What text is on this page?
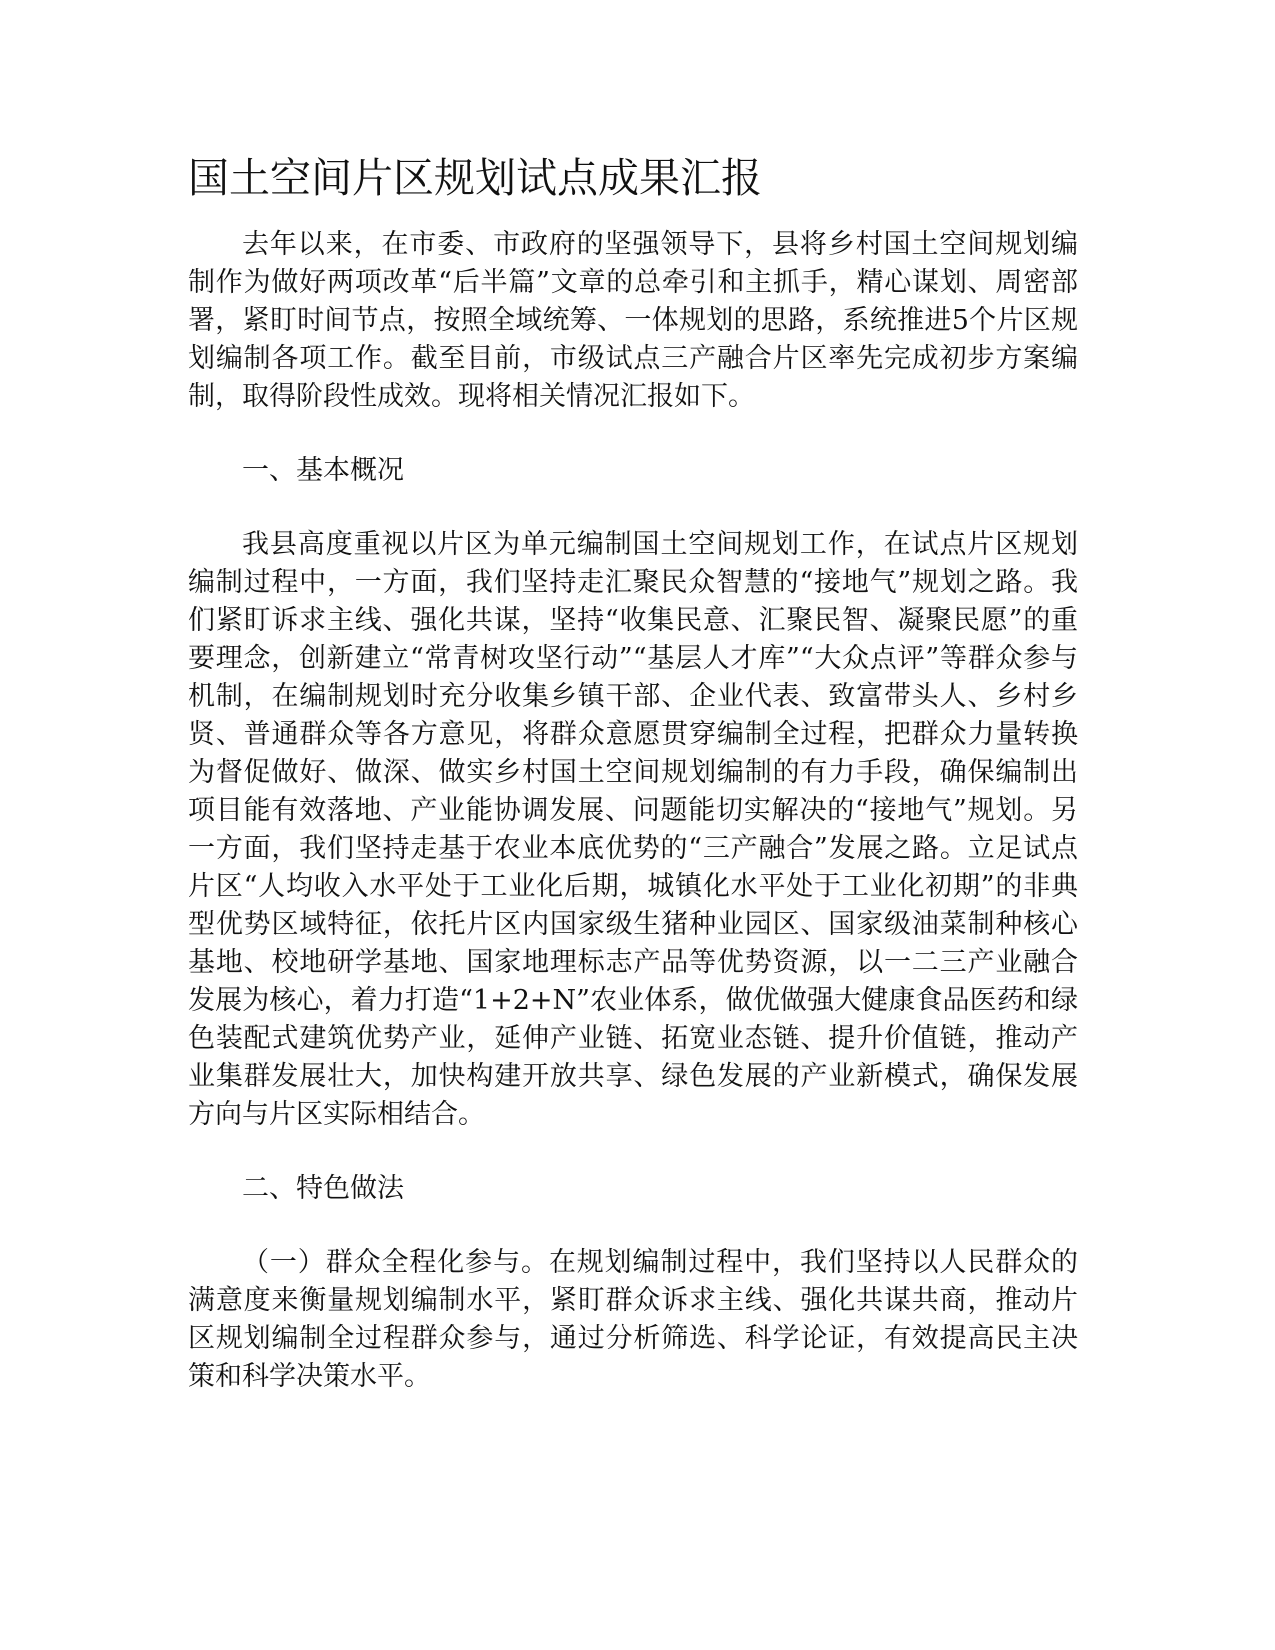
国土空间片区规划试点成果汇报

去年以来，在市委、市政府的坚强领导下，县将乡村国土空间规划编制作为做好两项改革“后半篇”文章的总牵引和主抓手，精心谋划、周密部署，紧盯时间节点，按照全域统筹、一体规划的思路，系统推进5个片区规划编制各项工作。截至目前，市级试点三产融合片区率先完成初步方案编制，取得阶段性成效。现将相关情况汇报如下。

一、基本概况

我县高度重视以片区为单元编制国土空间规划工作，在试点片区规划编制过程中，一方面，我们坚持走汇聚民众智慧的“接地气”规划之路。我们紧盯诉求主线、强化共谋，坚持“收集民意、汇聚民智、凝聚民愿”的重要理念，创新建立“常青树攻坚行动”“基层人才库”“大众点评”等群众参与机制，在编制规划时充分收集乡镇干部、企业代表、致富带头人、乡村乡贤、普通群众等各方意见，将群众意愿贯穿编制全过程，把群众力量转换为督促做好、做深、做实乡村国土空间规划编制的有力手段，确保编制出项目能有效落地、产业能协调发展、问题能切实解决的“接地气”规划。另一方面，我们坚持走基于农业本底优势的“三产融合”发展之路。立足试点片区“人均收入水平处于工业化后期，城镇化水平处于工业化初期”的非典型优势区域特征，依托片区内国家级生猪种业园区、国家级油菜制种核心基地、校地研学基地、国家地理标志产品等优势资源，以一二三产业融合发展为核心，着力打造“1+2+N”农业体系，做优做强大健康食品医药和绿色装配式建筑优势产业，延伸产业链、拓宽业态链、提升价值链，推动产业集群发展壮大，加快构建开放共享、绿色发展的产业新模式，确保发展方向与片区实际相结合。

二、特色做法

（一）群众全程化参与。在规划编制过程中，我们坚持以人民群众的满意度来衡量规划编制水平，紧盯群众诉求主线、强化共谋共商，推动片区规划编制全过程群众参与，通过分析筛选、科学论证，有效提高民主决策和科学决策水平。
